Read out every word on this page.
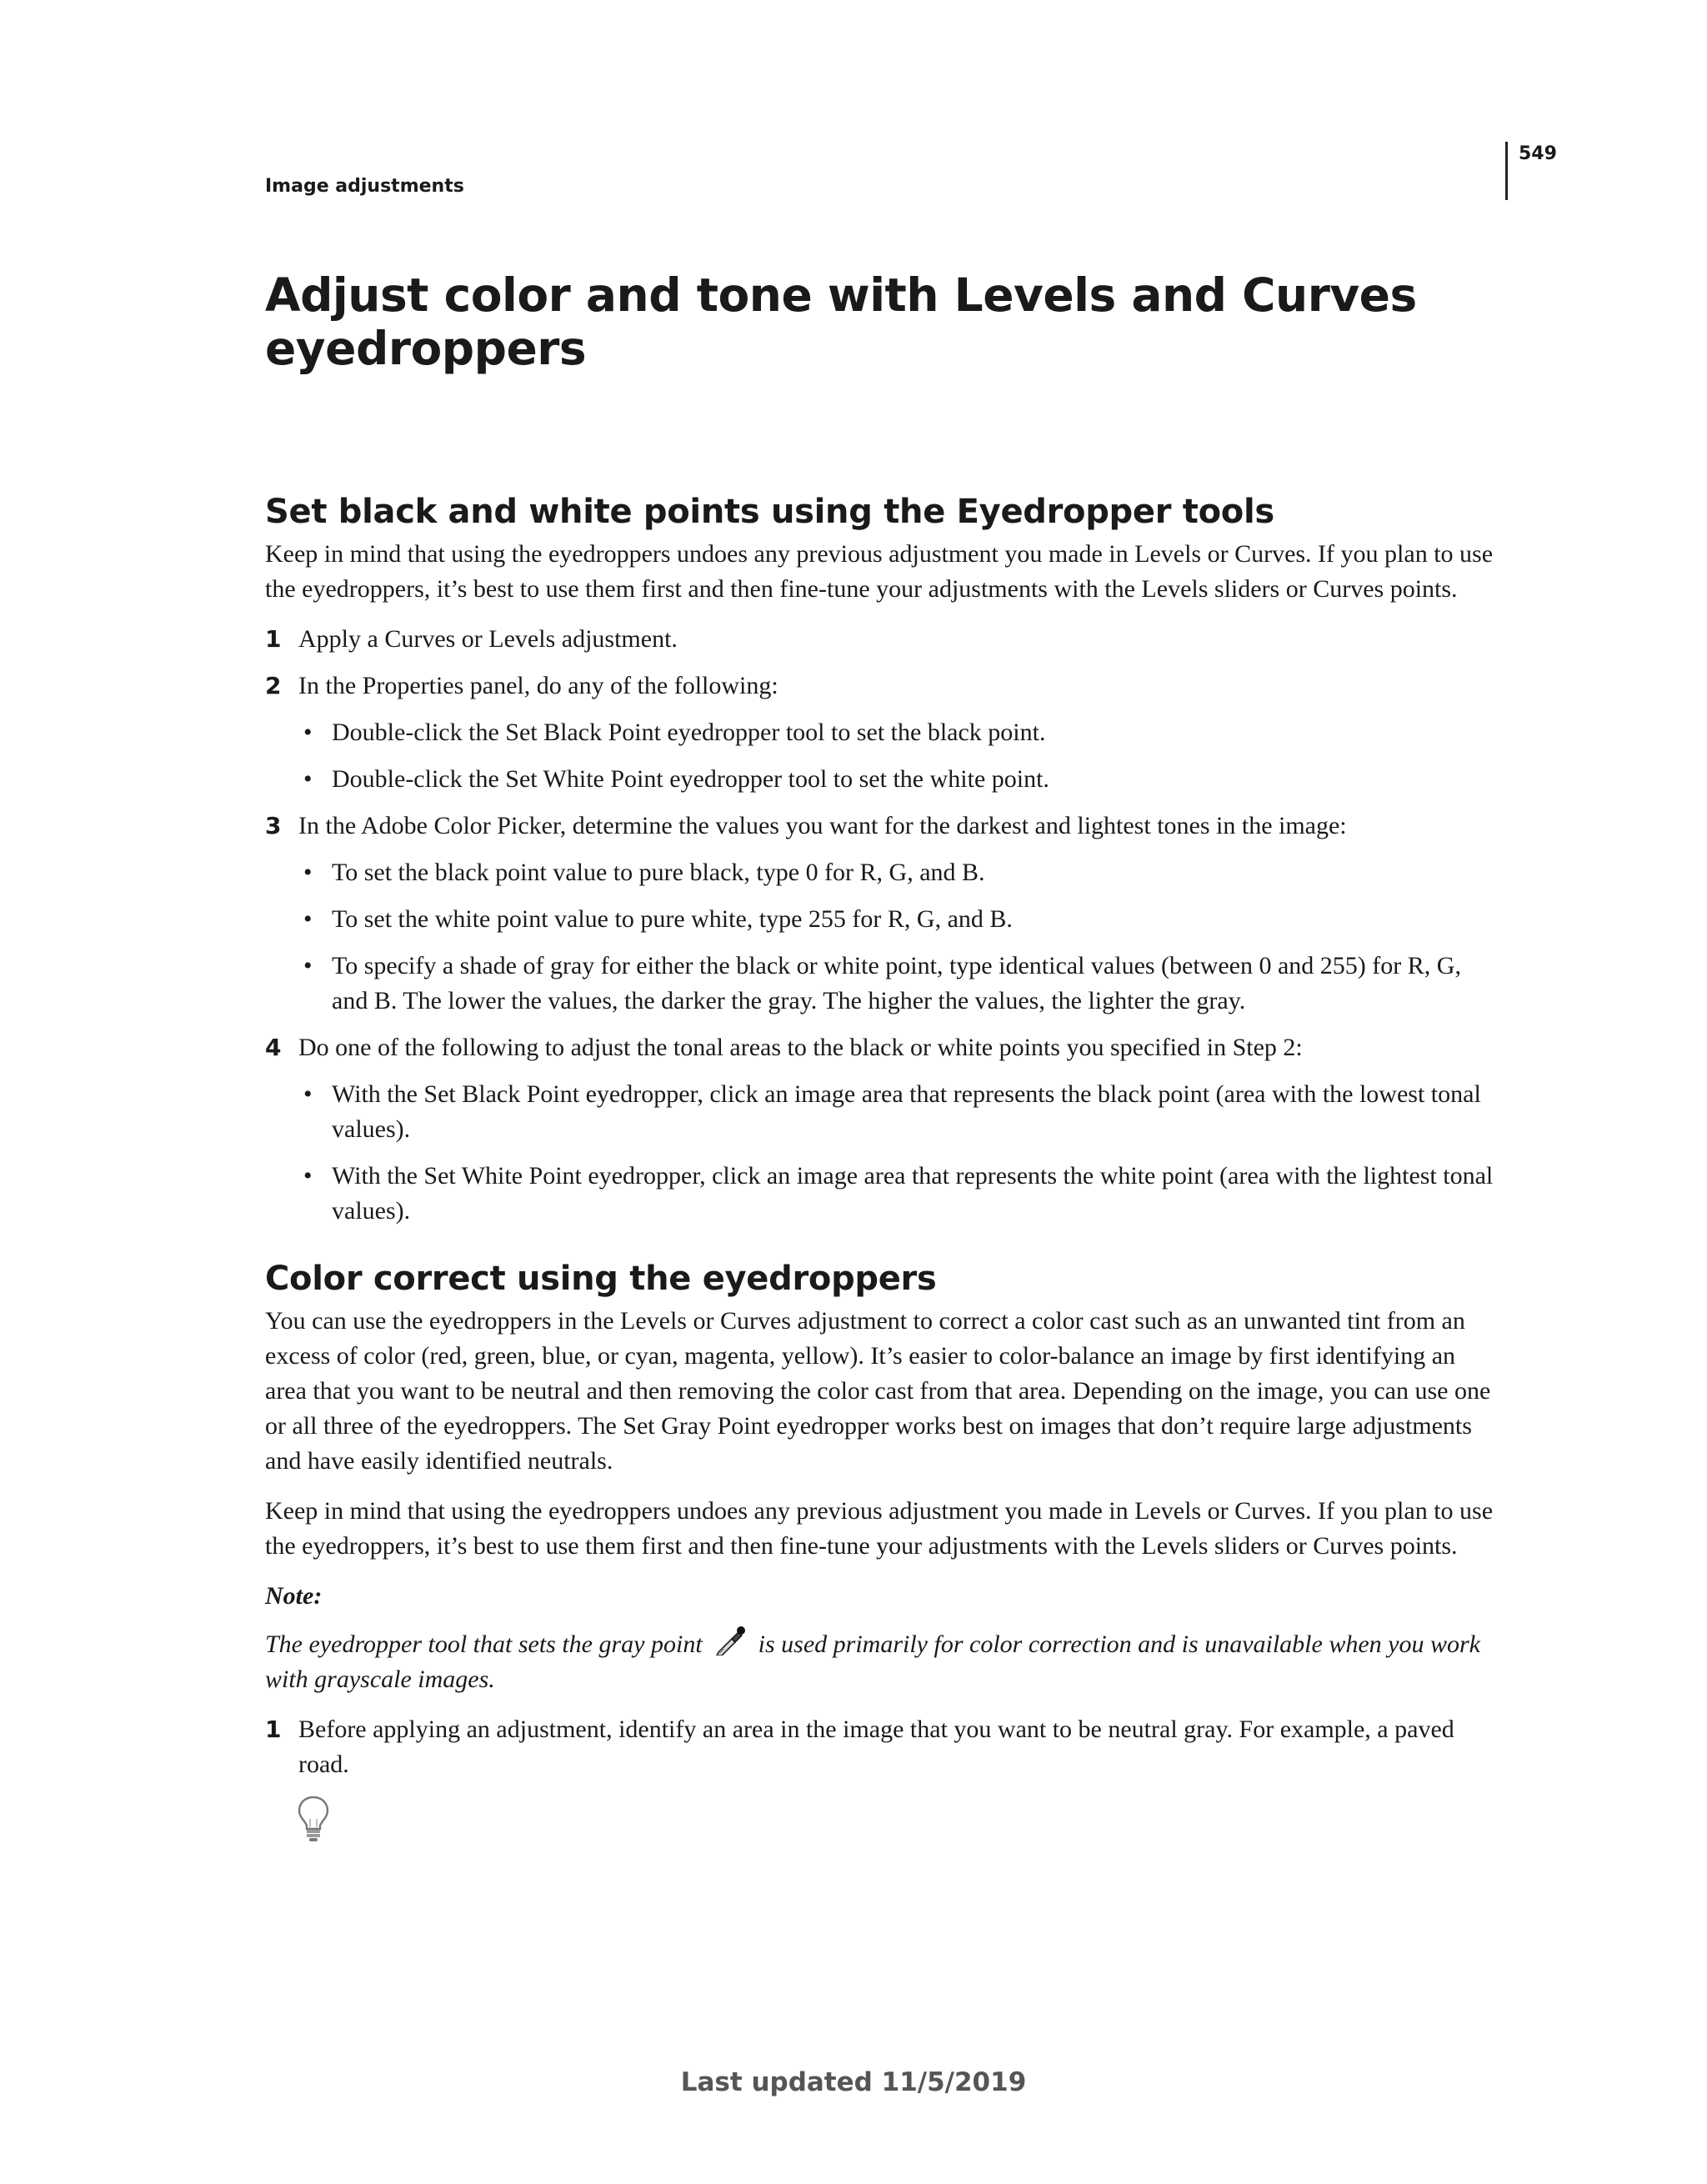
549
Image adjustments
Adjust color and tone with Levels and Curves
eyedroppers
Set black and white points using the Eyedropper tools

Keep in mind that using the eyedroppers undoes any previous adjustment you made in Levels or Curves. If you plan to use the eyedroppers, it’s best to use them first and then fine-tune your adjustments with the Levels sliders or Curves points.

1 Apply a Curves or Levels adjustment.
2 In the Properties panel, do any of the following:
• Double-click the Set Black Point eyedropper tool to set the black point.
• Double-click the Set White Point eyedropper tool to set the white point.
3 In the Adobe Color Picker, determine the values you want for the darkest and lightest tones in the image:
• To set the black point value to pure black, type 0 for R, G, and B.
• To set the white point value to pure white, type 255 for R, G, and B.
• To specify a shade of gray for either the black or white point, type identical values (between 0 and 255) for R, G, and B. The lower the values, the darker the gray. The higher the values, the lighter the gray.
4 Do one of the following to adjust the tonal areas to the black or white points you specified in Step 2:
• With the Set Black Point eyedropper, click an image area that represents the black point (area with the lowest tonal values).
• With the Set White Point eyedropper, click an image area that represents the white point (area with the lightest tonal values).
Color correct using the eyedroppers

You can use the eyedroppers in the Levels or Curves adjustment to correct a color cast such as an unwanted tint from an excess of color (red, green, blue, or cyan, magenta, yellow). It’s easier to color-balance an image by first identifying an area that you want to be neutral and then removing the color cast from that area. Depending on the image, you can use one or all three of the eyedroppers. The Set Gray Point eyedropper works best on images that don’t require large adjustments and have easily identified neutrals.

Keep in mind that using the eyedroppers undoes any previous adjustment you made in Levels or Curves. If you plan to use the eyedroppers, it’s best to use them first and then fine-tune your adjustments with the Levels sliders or Curves points.

Note:

The eyedropper tool that sets the gray point is used primarily for color correction and is unavailable when you work with grayscale images.

1 Before applying an adjustment, identify an area in the image that you want to be neutral gray. For example, a paved road.
Last updated 11/5/2019
